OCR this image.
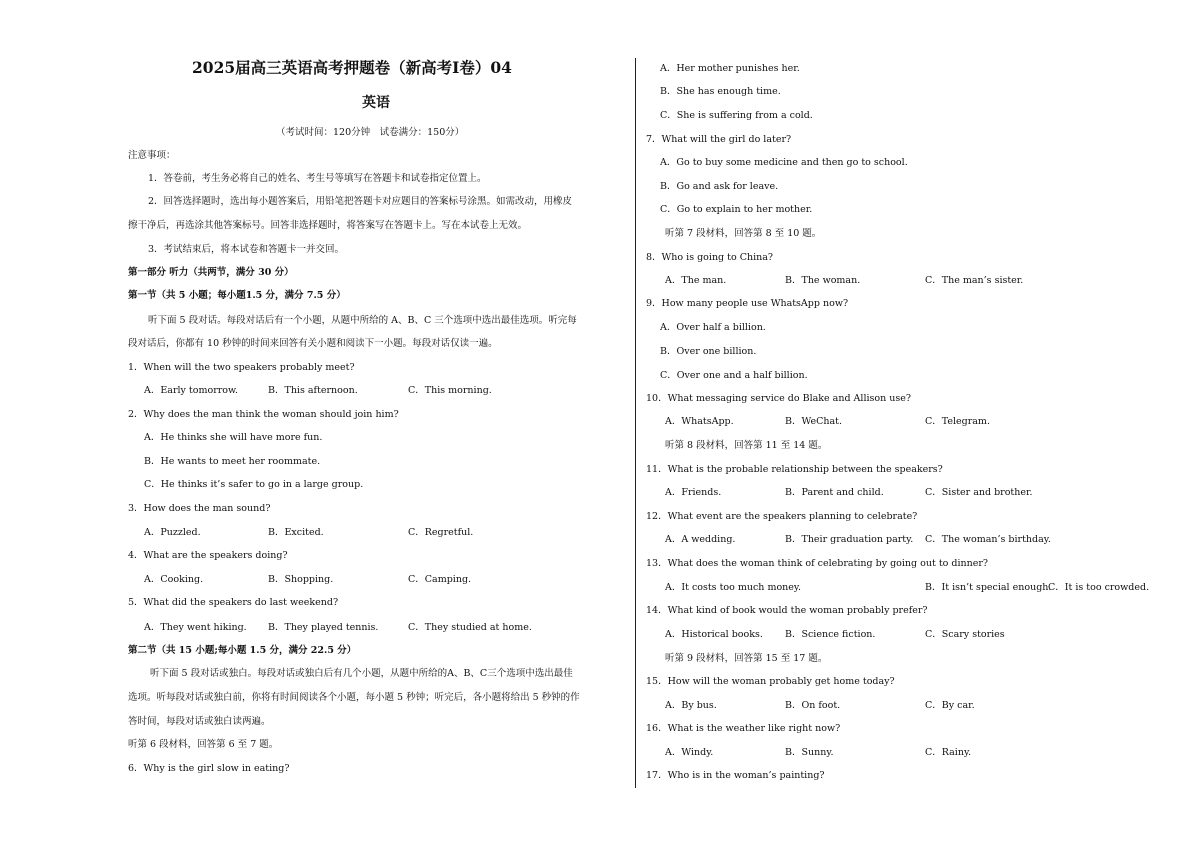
2025届高三英语高考押题卷（新高考I卷）04
英语
（考试时间：120分钟　试卷满分：150分）
注意事项：
1．答卷前，考生务必将自己的姓名、考生号等填写在答题卡和试卷指定位置上。
2．回答选择题时，选出每小题答案后，用铅笔把答题卡对应题目的答案标号涂黑。如需改动，用橡皮
擦干净后，再选涂其他答案标号。回答非选择题时，将答案写在答题卡上。写在本试卷上无效。
3．考试结束后，将本试卷和答题卡一并交回。
第一部分 听力（共两节，满分 30 分）
第一节（共 5 小题；每小题1.5 分，满分 7.5 分）
听下面 5 段对话。每段对话后有一个小题，从题中所给的 A、B、C 三个选项中选出最佳选项。听完每
段对话后，你都有 10 秒钟的时间来回答有关小题和阅读下一小题。每段对话仅读一遍。
1．When will the two speakers probably meet?
A．Early tomorrow.	B．This afternoon.	C．This morning.
2．Why does the man think the woman should join him?
A．He thinks she will have more fun.
B．He wants to meet her roommate.
C．He thinks it’s safer to go in a large group.
3．How does the man sound?
A．Puzzled.	B．Excited.	C．Regretful.
4．What are the speakers doing?
A．Cooking.	B．Shopping.	C．Camping.
5．What did the speakers do last weekend?
A．They went hiking. B．They played tennis.	C．They studied at home.
第二节（共 15 小题;每小题 1.5 分，满分 22.5 分）
听下面 5 段对话或独白。每段对话或独白后有几个小题，从题中所给的A、B、C三个选项中选出最佳
选项。听每段对话或独白前，你将有时间阅读各个小题，每小题 5 秒钟；听完后，各小题将给出 5 秒钟的作
答时间，每段对话或独白读两遍。
听第 6 段材料，回答第 6 至 7 题。
6．Why is the girl slow in eating?
A．Her mother punishes her.
B．She has enough time.
C．She is suffering from a cold.
7．What will the girl do later?
A．Go to buy some medicine and then go to school.
B．Go and ask for leave.
C．Go to explain to her mother.
听第 7 段材料，回答第 8 至 10 题。
8．Who is going to China?
A．The man.	B．The woman.	C．The man’s sister.
9．How many people use WhatsApp now?
A．Over half a billion.
B．Over one billion.
C．Over one and a half billion.
10．What messaging service do Blake and Allison use?
A．WhatsApp.	B．WeChat.	C．Telegram.
听第 8 段材料，回答第 11 至 14 题。
11．What is the probable relationship between the speakers?
A．Friends.	B．Parent and child.	C．Sister and brother.
12．What event are the speakers planning to celebrate?
A．A wedding.	B．Their graduation party. C．The woman’s birthday.
13．What does the woman think of celebrating by going out to dinner?
A．It costs too much money.	B．It isn’t special enough.
C．It is too crowded.
14．What kind of book would the woman probably prefer?
A．Historical books. B．Science fiction.	C．Scary stories
听第 9 段材料，回答第 15 至 17 题。
15．How will the woman probably get home today?
A．By bus.	B．On foot.	C．By car.
16．What is the weather like right now?
A．Windy.	B．Sunny.	C．Rainy.
17．Who is in the woman’s painting?
